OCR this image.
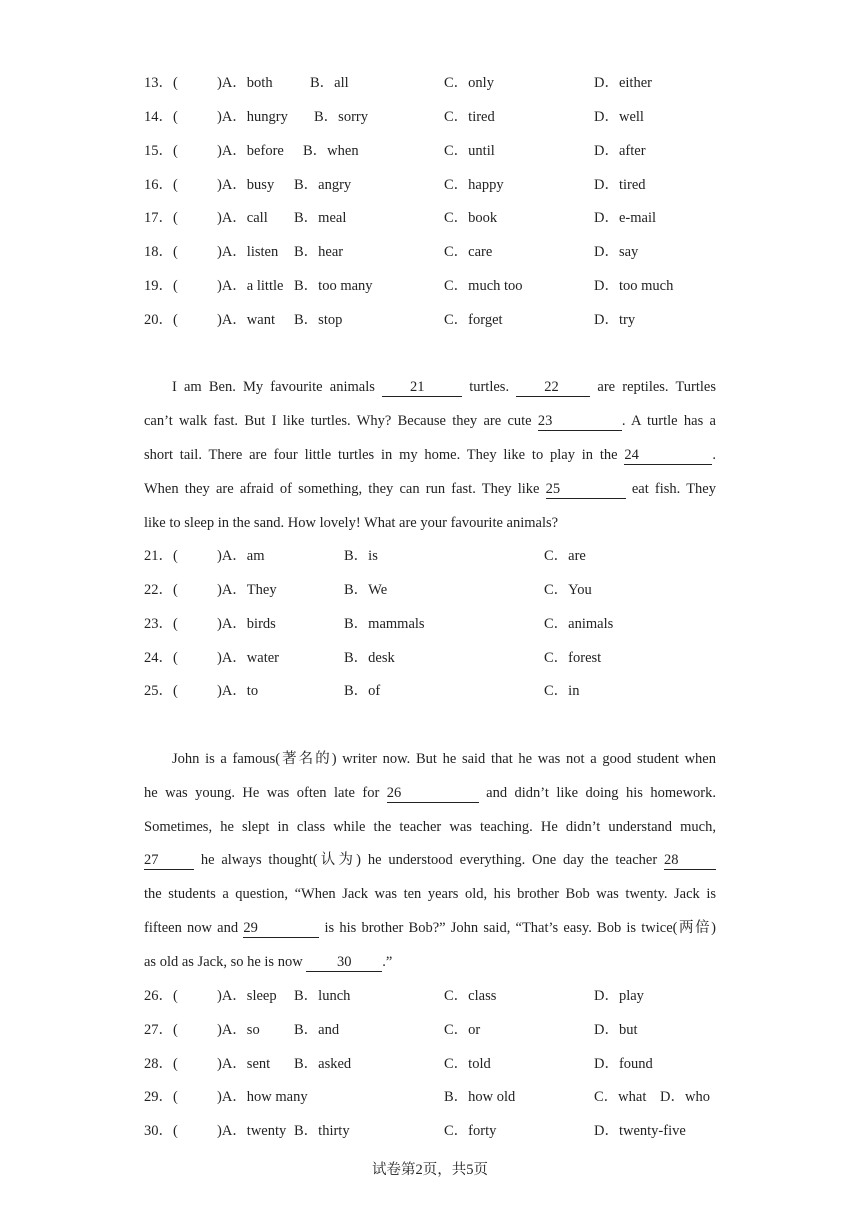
13．(	)A．both	B．all	C．only	D．either
14．(	)A．hungry B．sorry	C．tired	D．well
15．(	)A．before B．when	C．until	D．after
16．(	)A．busy B．angry	C．happy	D．tired
17．(	)A．call B．meal	C．book	D．e-mail
18．(	)A．listen B．hear	C．care	D．say
19．(	)A．a little B．too many	C．much too	D．too much
20．(	)A．want B．stop	C．forget	D．try
I am Ben. My favourite animals 21	turtles. 22 are reptiles. Turtles
can’t walk fast. But I like turtles. Why? Because they are cute 23	. A turtle has a
short tail. There are four little turtles in my home. They like to play in the 24	.
When they are afraid of something, they can run fast. They like 25	eat fish. They
like to sleep in the sand. How lovely! What are your favourite animals?
21．(	)A．am	B．is	C．are
22．(	)A．They	B．We	C．You
23．(	)A．birds	B．mammals	C．animals
24．(	)A．water	B．desk	C．forest
25．(	)A．to	B．of	C．in
John is a famous(著名的) writer now. But he said that he was not a good student when
he was young. He was often late for 26	and didn’t like doing his homework.
Sometimes, he slept in class while the teacher was teaching. He didn’t understand much,
27 he always thought(认为) he understood everything. One day the teacher 28
the students a question, “When Jack was ten years old, his brother Bob was twenty. Jack is
fifteen now and 29	is his brother Bob?” John said, “That’s easy. Bob is twice(两倍)
as old as Jack, so he is now 30 .”
26．(	)A．sleep B．lunch	C．class	D．play
27．(	)A．so B．and	C．or	D．but
28．(	)A．sent B．asked	C．told	D．found
29．(	)A．how many	B．how old	C．what D．who
30．(	)A．twenty B．thirty	C．forty	D．twenty-five
试卷第2页，共5页
